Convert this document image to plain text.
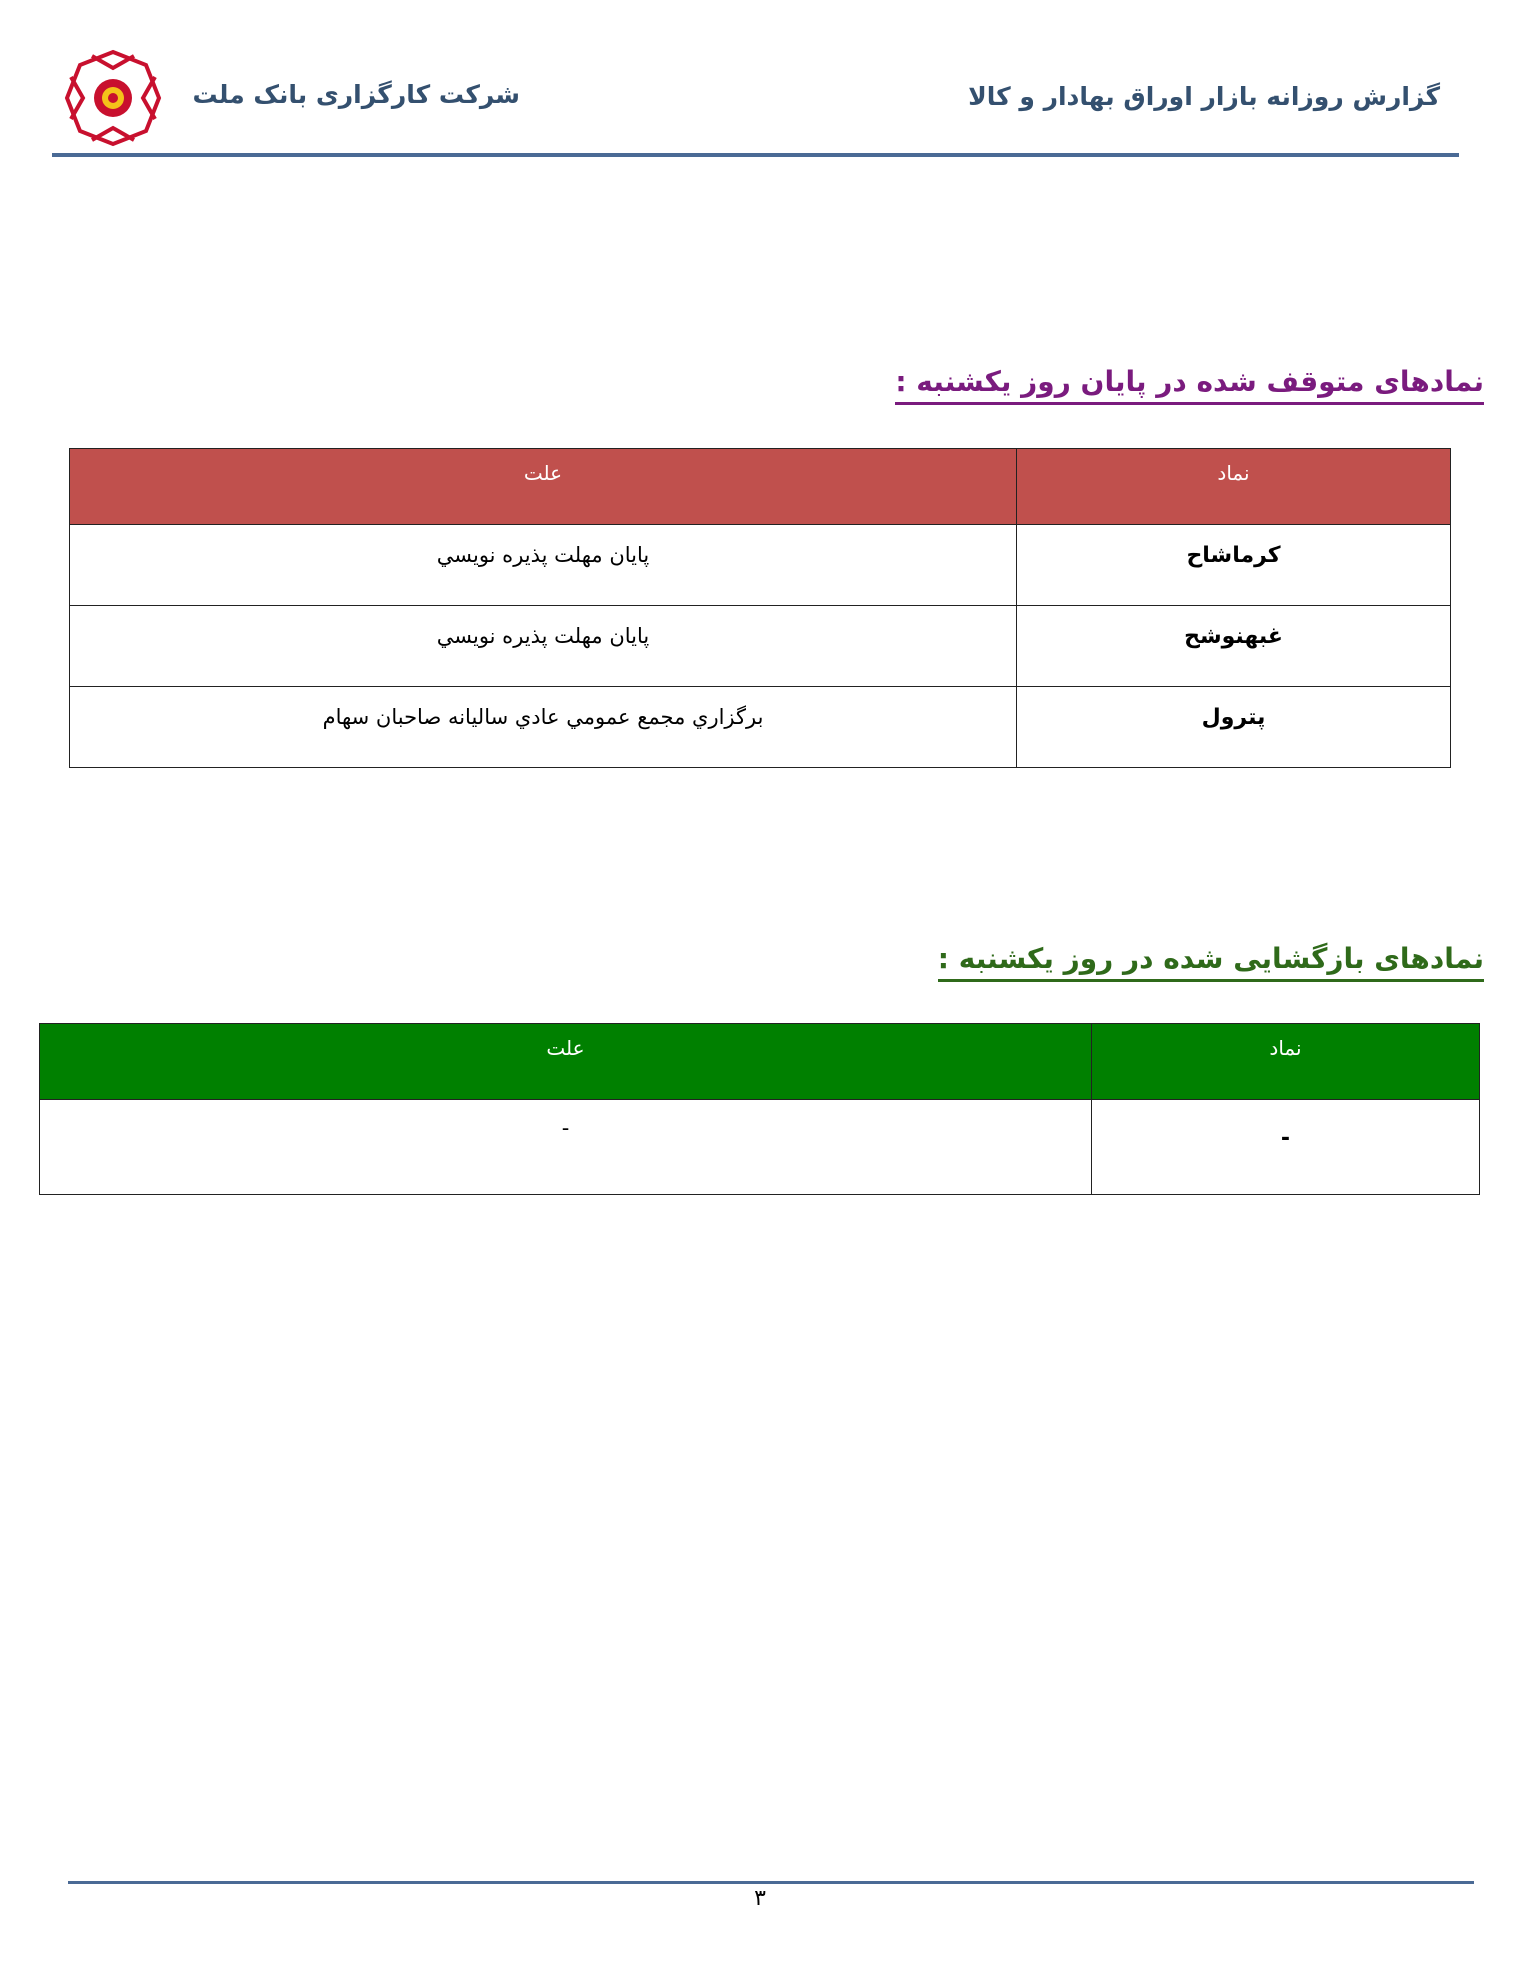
شرکت کارگزاری بانک ملت	گزارش روزانه بازار اوراق بهادار و کالا
نمادهای متوقف شده در پایان روز یکشنبه :
نماد	علت
کرماشاح	پايان مهلت پذيره نويسي
غبهنوشح	پايان مهلت پذيره نويسي
پترول	برگزاري مجمع عمومي عادي ساليانه صاحبان سهام
نمادهای بازگشایی شده در روز یکشنبه :
نماد	علت
-	-
۳
